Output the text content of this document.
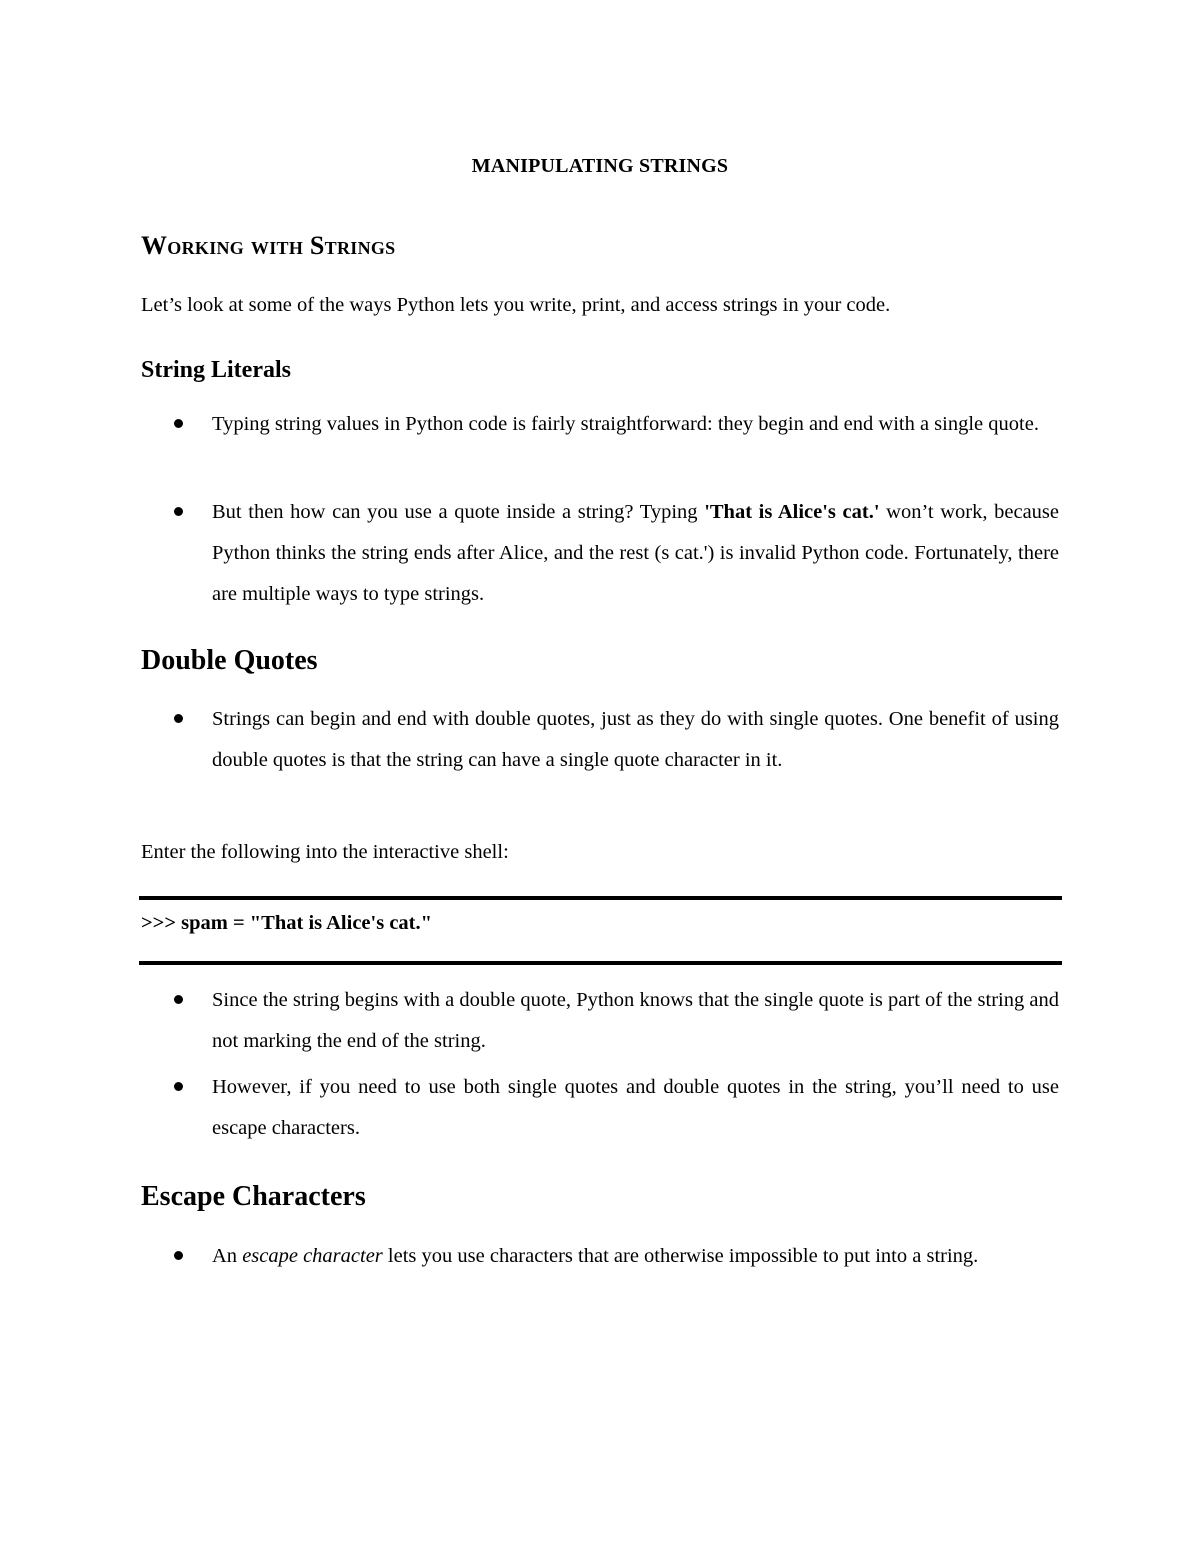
MANIPULATING STRINGS
Working with Strings
Let’s look at some of the ways Python lets you write, print, and access strings in your code.
String Literals
Typing string values in Python code is fairly straightforward: they begin and end with a single quote.
But then how can you use a quote inside a string? Typing 'That is Alice's cat.' won’t work, because Python thinks the string ends after Alice, and the rest (s cat.') is invalid Python code. Fortunately, there are multiple ways to type strings.
Double Quotes
Strings can begin and end with double quotes, just as they do with single quotes. One benefit of using double quotes is that the string can have a single quote character in it.
Enter the following into the interactive shell:
>>> spam = "That is Alice's cat."
Since the string begins with a double quote, Python knows that the single quote is part of the string and not marking the end of the string.
However, if you need to use both single quotes and double quotes in the string, you’ll need to use escape characters.
Escape Characters
An escape character lets you use characters that are otherwise impossible to put into a string.
